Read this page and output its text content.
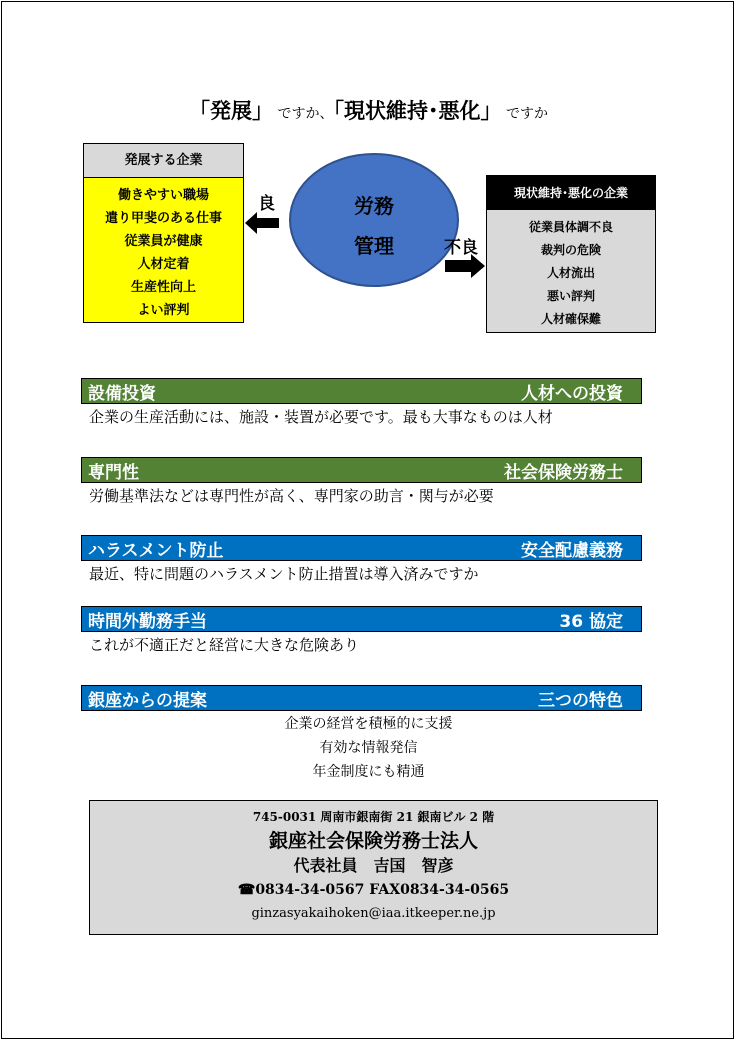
「発展」 ですか、「現状維持･悪化」 ですか
発展する企業
働きやすい職場
遣り甲斐のある仕事
従業員が健康
人材定着
生産性向上
よい評判
良	労務
管理	不良
現状維持･悪化の企業
従業員体調不良
裁判の危険
人材流出
悪い評判
人材確保難
設備投資	人材への投資
企業の生産活動には、施設・装置が必要です。最も大事なものは人材
専門性	社会保険労務士
労働基準法などは専門性が高く、専門家の助言・関与が必要
ハラスメント防止	安全配慮義務
最近、特に問題のハラスメント防止措置は導入済みですか
時間外勤務手当	36 協定
これが不適正だと経営に大きな危険あり
銀座からの提案	三つの特色
企業の経営を積極的に支援
有効な情報発信
年金制度にも精通
745-0031 周南市銀南街 21 銀南ビル 2 階
銀座社会保険労務士法人
代表社員　吉国　智彦
☎0834-34-0567 FAX0834-34-0565
ginzasyakaihoken@iaa.itkeeper.ne.jp
